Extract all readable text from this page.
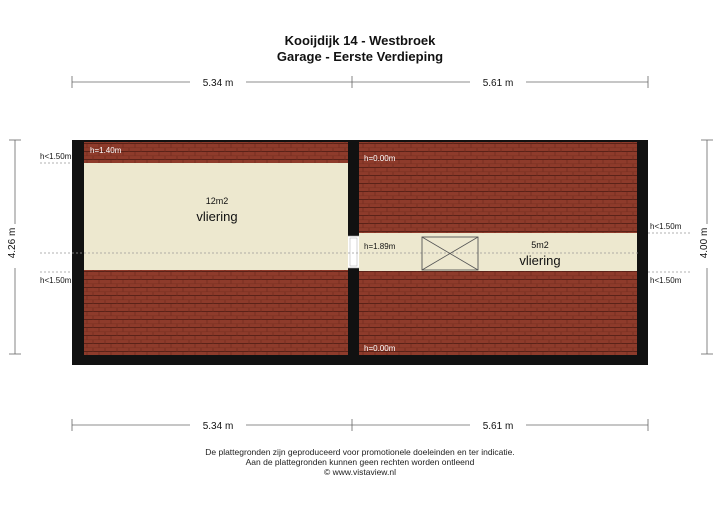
Kooijdijk 14 - Westbroek
Garage - Eerste Verdieping
5.34 m	5.61 m
5.34 m	5.61 m
4.26 m	4.00 m
h<1.50m
h<1.50m
h<1.50m
h<1.50m
h=1.40m
h=0.00m
h=1.89m
h=0.00m
12m2
vliering
5m2
vliering
De plattegronden zijn geproduceerd voor promotionele doeleinden en ter indicatie.
Aan de plattegronden kunnen geen rechten worden ontleend
© www.vistaview.nl
